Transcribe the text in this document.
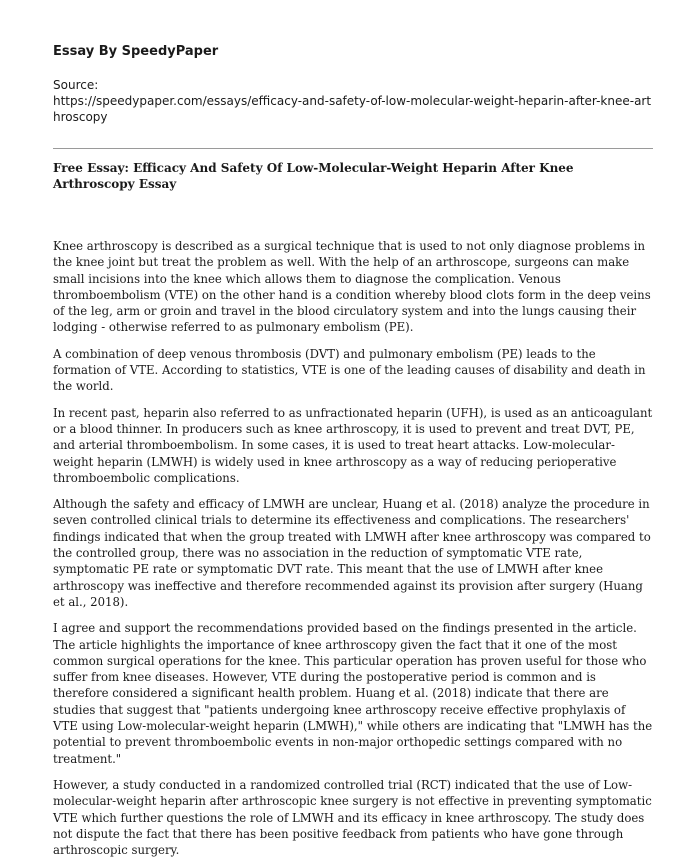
Essay By SpeedyPaper
Source:
https://speedypaper.com/essays/efficacy-and-safety-of-low-molecular-weight-heparin-after-knee-arthroscopy
Free Essay: Efficacy And Safety Of Low-Molecular-Weight Heparin After Knee Arthroscopy Essay

Knee arthroscopy is described as a surgical technique that is used to not only diagnose problems in the knee joint but treat the problem as well. With the help of an arthroscope, surgeons can make small incisions into the knee which allows them to diagnose the complication. Venous thromboembolism (VTE) on the other hand is a condition whereby blood clots form in the deep veins of the leg, arm or groin and travel in the blood circulatory system and into the lungs causing their lodging - otherwise referred to as pulmonary embolism (PE).

A combination of deep venous thrombosis (DVT) and pulmonary embolism (PE) leads to the formation of VTE. According to statistics, VTE is one of the leading causes of disability and death in the world.

In recent past, heparin also referred to as unfractionated heparin (UFH), is used as an anticoagulant or a blood thinner. In producers such as knee arthroscopy, it is used to prevent and treat DVT, PE, and arterial thromboembolism. In some cases, it is used to treat heart attacks. Low-molecular-weight heparin (LMWH) is widely used in knee arthroscopy as a way of reducing perioperative thromboembolic complications.

Although the safety and efficacy of LMWH are unclear, Huang et al. (2018) analyze the procedure in seven controlled clinical trials to determine its effectiveness and complications. The researchers' findings indicated that when the group treated with LMWH after knee arthroscopy was compared to the controlled group, there was no association in the reduction of symptomatic VTE rate, symptomatic PE rate or symptomatic DVT rate. This meant that the use of LMWH after knee arthroscopy was ineffective and therefore recommended against its provision after surgery (Huang et al., 2018).

I agree and support the recommendations provided based on the findings presented in the article. The article highlights the importance of knee arthroscopy given the fact that it one of the most common surgical operations for the knee. This particular operation has proven useful for those who suffer from knee diseases. However, VTE during the postoperative period is common and is therefore considered a significant health problem. Huang et al. (2018) indicate that there are studies that suggest that "patients undergoing knee arthroscopy receive effective prophylaxis of VTE using Low-molecular-weight heparin (LMWH)," while others are indicating that "LMWH has the potential to prevent thromboembolic events in non-major orthopedic settings compared with no treatment."

However, a study conducted in a randomized controlled trial (RCT) indicated that the use of Low-molecular-weight heparin after arthroscopic knee surgery is not effective in preventing symptomatic VTE which further questions the role of LMWH and its efficacy in knee arthroscopy. The study does not dispute the fact that there has been positive feedback from patients who have gone through arthroscopic surgery.
